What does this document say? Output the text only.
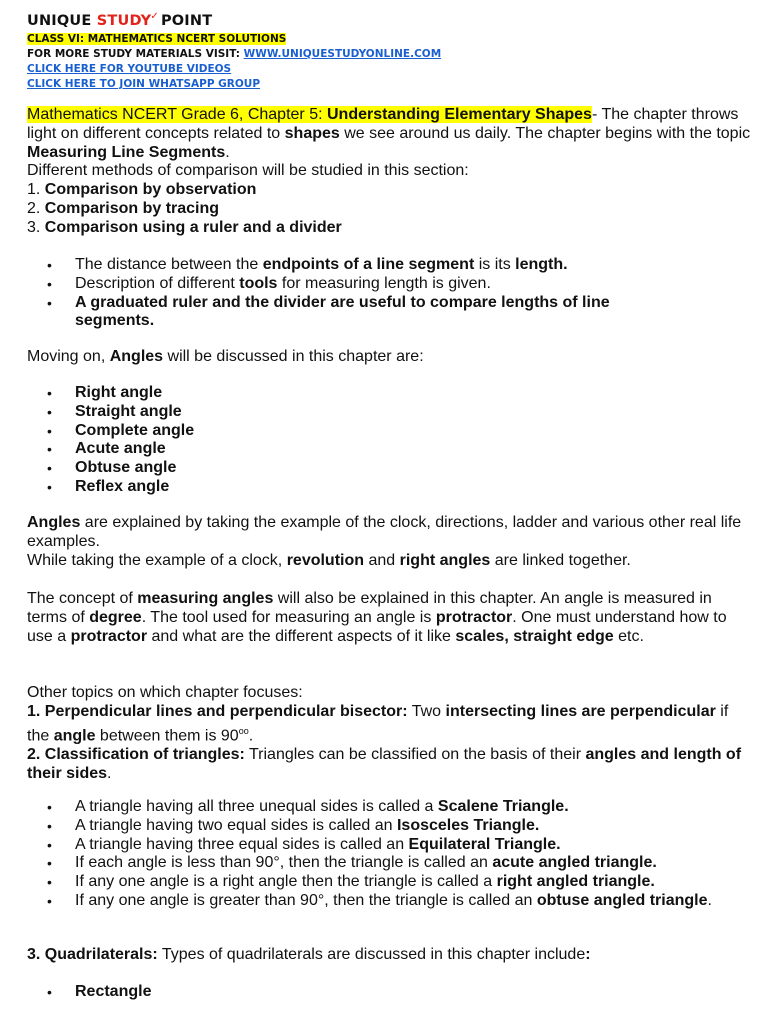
UNIQUE STUDY✓ POINT
CLASS VI: MATHEMATICS NCERT SOLUTIONS
FOR MORE STUDY MATERIALS VISIT: WWW.UNIQUESTUDYONLINE.COM
CLICK HERE FOR YOUTUBE VIDEOS
CLICK HERE TO JOIN WHATSAPP GROUP

Mathematics NCERT Grade 6, Chapter 5: Understanding Elementary Shapes- The chapter throws light on different concepts related to shapes we see around us daily. The chapter begins with the topic Measuring Line Segments.

Different methods of comparison will be studied in this section:

1. Comparison by observation

2. Comparison by tracing

3. Comparison using a ruler and a divider

• The distance between the endpoints of a line segment is its length.
• Description of different tools for measuring length is given.
• A graduated ruler and the divider are useful to compare lengths of line segments.

Moving on, Angles will be discussed in this chapter are:

• Right angle
• Straight angle
• Complete angle
• Acute angle
• Obtuse angle
• Reflex angle

Angles are explained by taking the example of the clock, directions, ladder and various other real life examples.

While taking the example of a clock, revolution and right angles are linked together.

The concept of measuring angles will also be explained in this chapter. An angle is measured in terms of degree. The tool used for measuring an angle is protractor. One must understand how to use a protractor and what are the different aspects of it like scales, straight edge etc.

Other topics on which chapter focuses:

1. Perpendicular lines and perpendicular bisector: Two intersecting lines are perpendicular if the angle between them is $90^{oo}$.

2. Classification of triangles: Triangles can be classified on the basis of their angles and length of their sides.

• A triangle having all three unequal sides is called a Scalene Triangle.
• A triangle having two equal sides is called an Isosceles Triangle.
• A triangle having three equal sides is called an Equilateral Triangle.
• If each angle is less than 90°, then the triangle is called an acute angled triangle.
• If any one angle is a right angle then the triangle is called a right angled triangle.
• If any one angle is greater than 90°, then the triangle is called an obtuse angled triangle.

3. Quadrilaterals: Types of quadrilaterals are discussed in this chapter include:

• Rectangle
